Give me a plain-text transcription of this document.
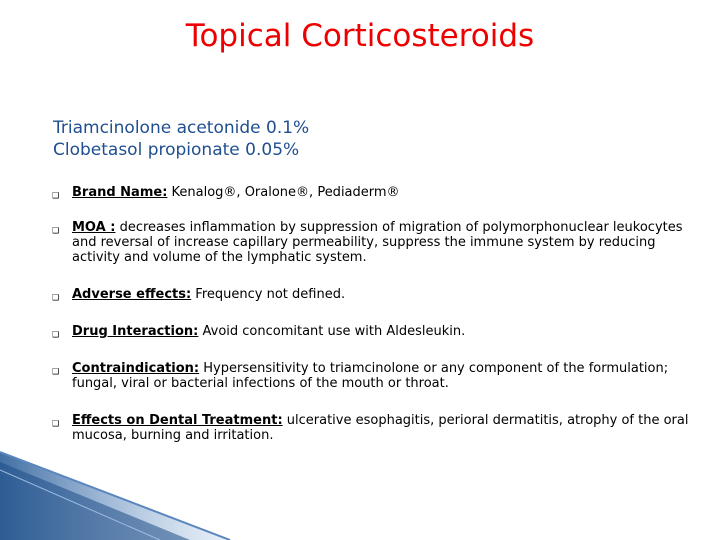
Topical Corticosteroids
Triamcinolone acetonide 0.1%
Clobetasol propionate 0.05%
❑ Brand Name: Kenalog®, Oralone®, Pediaderm®
❑ MOA : decreases inflammation by suppression of migration of polymorphonuclear leukocytes and reversal of increase capillary permeability, suppress the immune system by reducing activity and volume of the lymphatic system.
❑ Adverse effects: Frequency not defined.
❑ Drug Interaction: Avoid concomitant use with Aldesleukin.
❑ Contraindication: Hypersensitivity to triamcinolone or any component of the formulation; fungal, viral or bacterial infections of the mouth or throat.
❑ Effects on Dental Treatment: ulcerative esophagitis, perioral dermatitis, atrophy of the oral mucosa, burning and irritation.
